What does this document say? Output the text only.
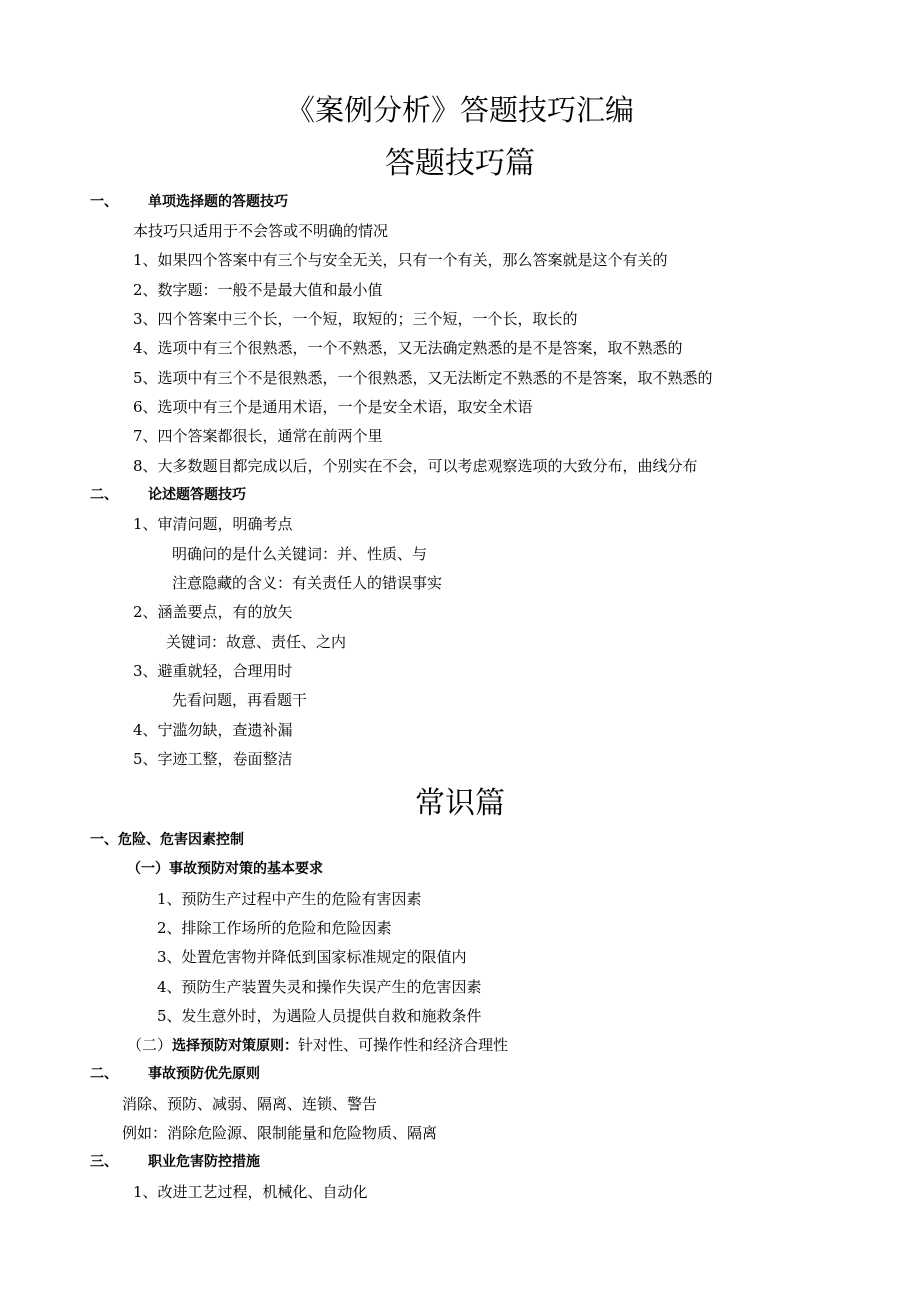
《案例分析》答题技巧汇编
答题技巧篇
一、 单项选择题的答题技巧
本技巧只适用于不会答或不明确的情况
1、如果四个答案中有三个与安全无关，只有一个有关，那么答案就是这个有关的
2、数字题：一般不是最大值和最小值
3、四个答案中三个长，一个短，取短的；三个短，一个长，取长的
4、选项中有三个很熟悉，一个不熟悉，又无法确定熟悉的是不是答案，取不熟悉的
5、选项中有三个不是很熟悉，一个很熟悉，又无法断定不熟悉的不是答案，取不熟悉的
6、选项中有三个是通用术语，一个是安全术语，取安全术语
7、四个答案都很长，通常在前两个里
8、大多数题目都完成以后，个别实在不会，可以考虑观察选项的大致分布，曲线分布
二、 论述题答题技巧
1、审清问题，明确考点
明确问的是什么关键词：并、性质、与
注意隐藏的含义：有关责任人的错误事实
2、涵盖要点，有的放矢
关键词：故意、责任、之内
3、避重就轻，合理用时
先看问题，再看题干
4、宁滥勿缺，查遗补漏
5、字迹工整，卷面整洁
常识篇
一、危险、危害因素控制
（一）事故预防对策的基本要求
1、预防生产过程中产生的危险有害因素
2、排除工作场所的危险和危险因素
3、处置危害物并降低到国家标准规定的限值内
4、预防生产装置失灵和操作失误产生的危害因素
5、发生意外时，为遇险人员提供自救和施救条件
（二）选择预防对策原则：针对性、可操作性和经济合理性
二、 事故预防优先原则
消除、预防、减弱、隔离、连锁、警告
例如：消除危险源、限制能量和危险物质、隔离
三、 职业危害防控措施
1、改进工艺过程，机械化、自动化
